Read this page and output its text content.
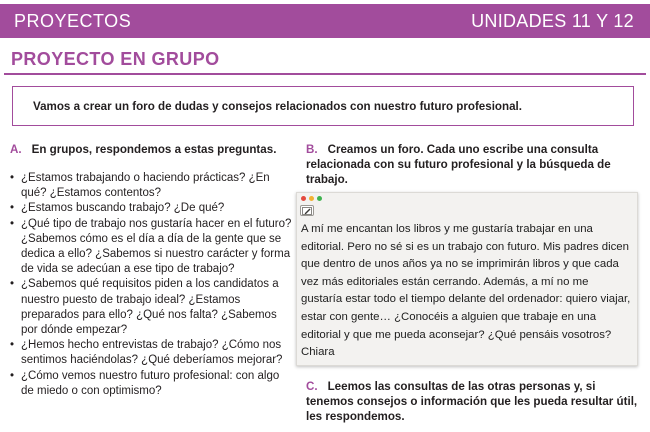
PROYECTOS	UNIDADES 11 Y 12
PROYECTO EN GRUPO
Vamos a crear un foro de dudas y consejos relacionados con nuestro futuro profesional.
A. En grupos, respondemos a estas preguntas.
• ¿Estamos trabajando o haciendo prácticas? ¿En qué? ¿Estamos contentos?
• ¿Estamos buscando trabajo? ¿De qué?
• ¿Qué tipo de trabajo nos gustaría hacer en el futuro? ¿Sabemos cómo es el día a día de la gente que se dedica a ello? ¿Sabemos si nuestro carácter y forma de vida se adecúan a ese tipo de trabajo?
• ¿Sabemos qué requisitos piden a los candidatos a nuestro puesto de trabajo ideal? ¿Estamos preparados para ello? ¿Qué nos falta? ¿Sabemos por dónde empezar?
• ¿Hemos hecho entrevistas de trabajo? ¿Cómo nos sentimos haciéndolas? ¿Qué deberíamos mejorar?
• ¿Cómo vemos nuestro futuro profesional: con algo de miedo o con optimismo?
B. Creamos un foro. Cada uno escribe una consulta relacionada con su futuro profesional y la búsqueda de trabajo.
A mí me encantan los libros y me gustaría trabajar en una editorial. Pero no sé si es un trabajo con futuro. Mis padres dicen que dentro de unos años ya no se imprimirán libros y que cada vez más editoriales están cerrando. Además, a mí no me gustaría estar todo el tiempo delante del ordenador: quiero viajar, estar con gente… ¿Conocéis a alguien que trabaje en una editorial y que me pueda aconsejar? ¿Qué pensáis vosotros?
Chiara
C. Leemos las consultas de las otras personas y, si tenemos consejos o información que les pueda resultar útil, les respondemos.
